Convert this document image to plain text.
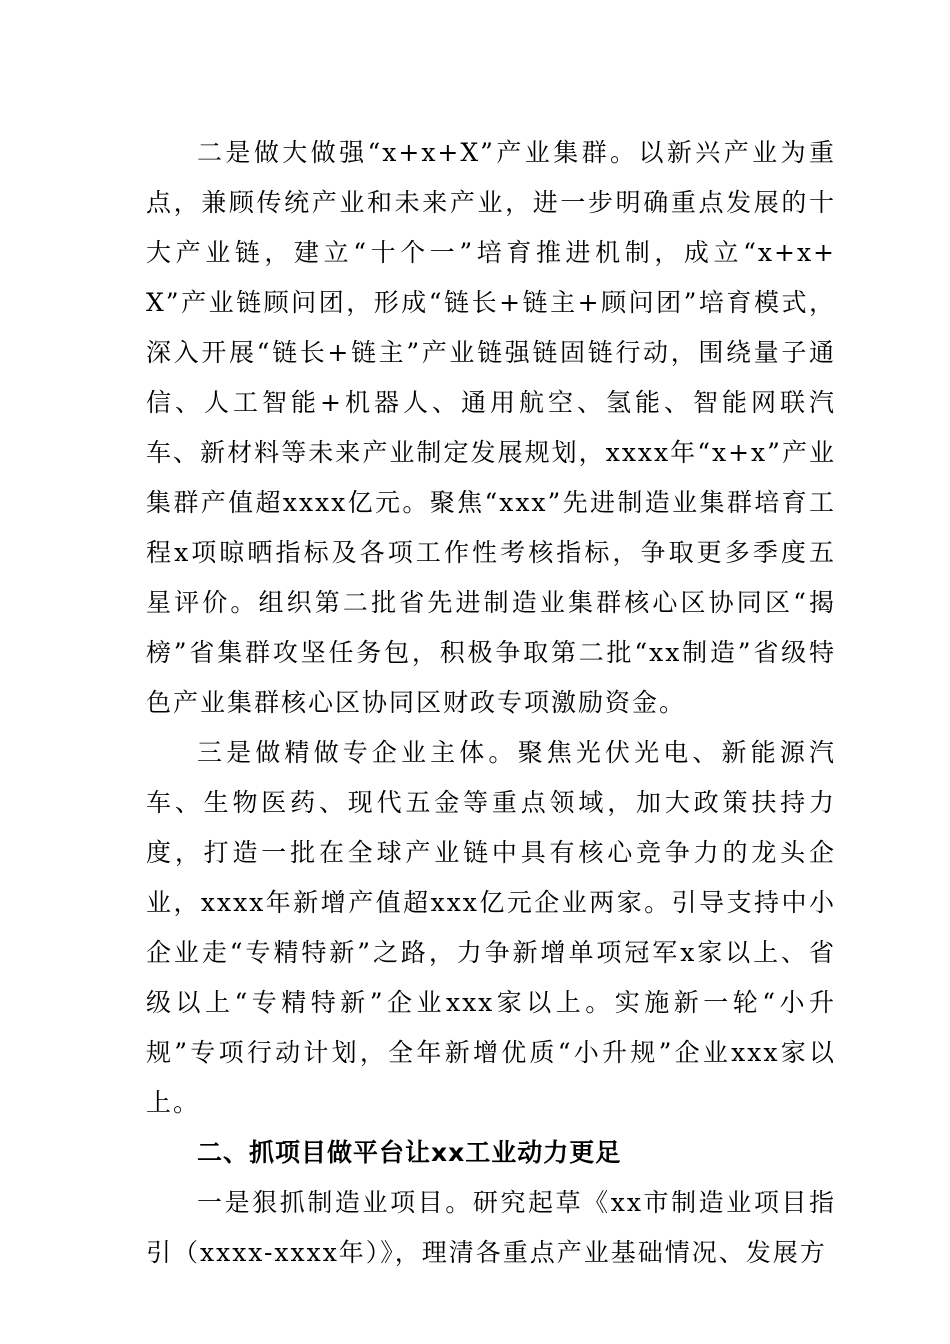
二是做大做强“x+x+X”产业集群。以新兴产业为重点，兼顾传统产业和未来产业，进一步明确重点发展的十大产业链，建立“十个一”培育推进机制，成立“x+x+X”产业链顾问团，形成“链长+链主+顾问团”培育模式，深入开展“链长+链主”产业链强链固链行动，围绕量子通信、人工智能+机器人、通用航空、氢能、智能网联汽车、新材料等未来产业制定发展规划，xxxx年“x+x”产业集群产值超xxxx亿元。聚焦“xxx”先进制造业集群培育工程x项晾晒指标及各项工作性考核指标，争取更多季度五星评价。组织第二批省先进制造业集群核心区协同区“揭榜”省集群攻坚任务包，积极争取第二批“xx制造”省级特色产业集群核心区协同区财政专项激励资金。

三是做精做专企业主体。聚焦光伏光电、新能源汽车、生物医药、现代五金等重点领域，加大政策扶持力度，打造一批在全球产业链中具有核心竞争力的龙头企业，xxxx年新增产值超xxx亿元企业两家。引导支持中小企业走“专精特新”之路，力争新增单项冠军x家以上、省级以上“专精特新”企业xxx家以上。实施新一轮“小升规”专项行动计划，全年新增优质“小升规”企业xxx家以上。

二、抓项目做平台让xx工业动力更足

一是狠抓制造业项目。研究起草《xx市制造业项目指引（xxxx-xxxx年）》，理清各重点产业基础情况、发展方
